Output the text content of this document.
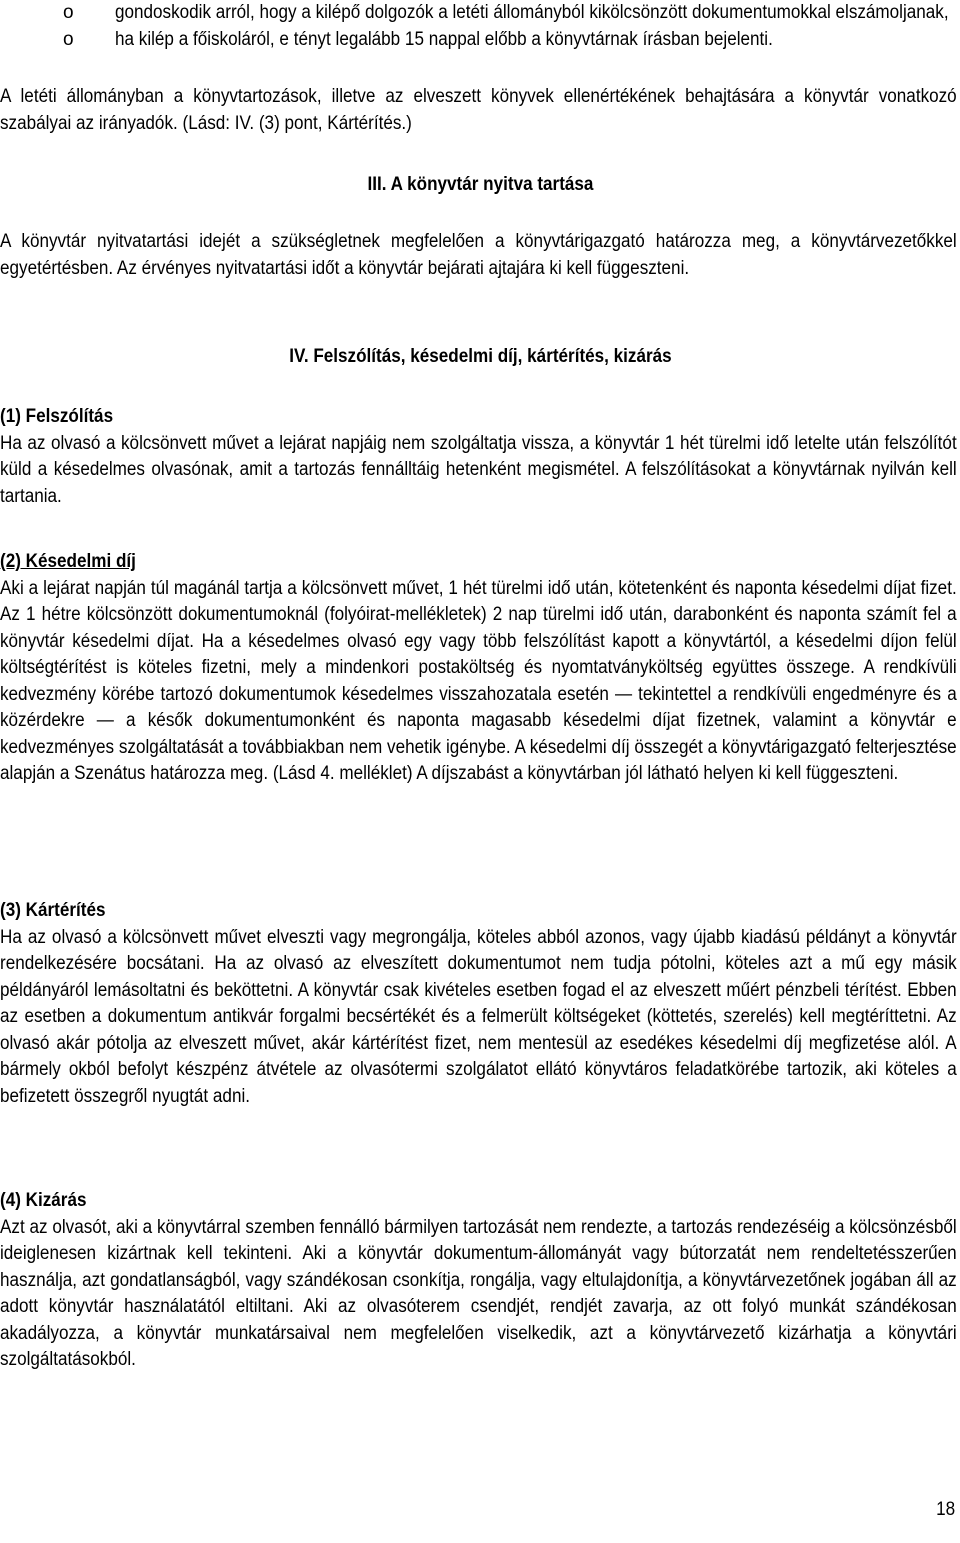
o gondoskodik arról, hogy a kilépő dolgozók a letéti állományból kikölcsönzött dokumentumokkal elszámoljanak,
o ha kilép a főiskoláról, e tényt legalább 15 nappal előbb a könyvtárnak írásban bejelenti.

A letéti állományban a könyvtartozások, illetve az elveszett könyvek ellenértékének behajtására a könyvtár vonatkozó szabályai az irányadók. (Lásd: IV. (3) pont, Kártérítés.)

III. A könyvtár nyitva tartása

A könyvtár nyitvatartási idejét a szükségletnek megfelelően a könyvtárigazgató határozza meg, a könyvtárvezetőkkel egyetértésben. Az érvényes nyitvatartási időt a könyvtár bejárati ajtajára ki kell függeszteni.

IV. Felszólítás, késedelmi díj, kártérítés, kizárás

(1) Felszólítás

Ha az olvasó a kölcsönvett művet a lejárat napjáig nem szolgáltatja vissza, a könyvtár 1 hét türelmi idő letelte után felszólítót küld a késedelmes olvasónak, amit a tartozás fennálltáig hetenként megismétel. A felszólításokat a könyvtárnak nyilván kell tartania.

(2) Késedelmi díj

Aki a lejárat napján túl magánál tartja a kölcsönvett művet, 1 hét türelmi idő után, kötetenként és naponta késedelmi díjat fizet. Az 1 hétre kölcsönzött dokumentumoknál (folyóirat-mellékletek) 2 nap türelmi idő után, darabonként és naponta számít fel a könyvtár késedelmi díjat. Ha a késedelmes olvasó egy vagy több felszólítást kapott a könyvtártól, a késedelmi díjon felül költségtérítést is köteles fizetni, mely a mindenkori postaköltség és nyomtatványköltség együttes összege. A rendkívüli kedvezmény körébe tartozó dokumentumok késedelmes visszahozatala esetén — tekintettel a rendkívüli engedményre és a közérdekre — a késők dokumentumonként és naponta magasabb késedelmi díjat fizetnek, valamint a könyvtár e kedvezményes szolgáltatását a továbbiakban nem vehetik igénybe. A késedelmi díj összegét a könyvtárigazgató felterjesztése alapján a Szenátus határozza meg. (Lásd 4. melléklet) A díjszabást a könyvtárban jól látható helyen ki kell függeszteni.

(3) Kártérítés

Ha az olvasó a kölcsönvett művet elveszti vagy megrongálja, köteles abból azonos, vagy újabb kiadású példányt a könyvtár rendelkezésére bocsátani. Ha az olvasó az elveszített dokumentumot nem tudja pótolni, köteles azt a mű egy másik példányáról lemásoltatni és beköttetni. A könyvtár csak kivételes esetben fogad el az elveszett műért pénzbeli térítést. Ebben az esetben a dokumentum antikvár forgalmi becsértékét és a felmerült költségeket (köttetés, szerelés) kell megtéríttetni. Az olvasó akár pótolja az elveszett művet, akár kártérítést fizet, nem mentesül az esedékes késedelmi díj megfizetése alól. A bármely okból befolyt készpénz átvétele az olvasótermi szolgálatot ellátó könyvtáros feladatkörébe tartozik, aki köteles a befizetett összegről nyugtát adni.

(4) Kizárás

Azt az olvasót, aki a könyvtárral szemben fennálló bármilyen tartozását nem rendezte, a tartozás rendezéséig a kölcsönzésből ideiglenesen kizártnak kell tekinteni. Aki a könyvtár dokumentum-állományát vagy bútorzatát nem rendeltetésszerűen használja, azt gondatlanságból, vagy szándékosan csonkítja, rongálja, vagy eltulajdonítja, a könyvtárvezetőnek jogában áll az adott könyvtár használatától eltiltani. Aki az olvasóterem csendjét, rendjét zavarja, az ott folyó munkát szándékosan akadályozza, a könyvtár munkatársaival nem megfelelően viselkedik, azt a könyvtárvezető kizárhatja a könyvtári szolgáltatásokból.

18
